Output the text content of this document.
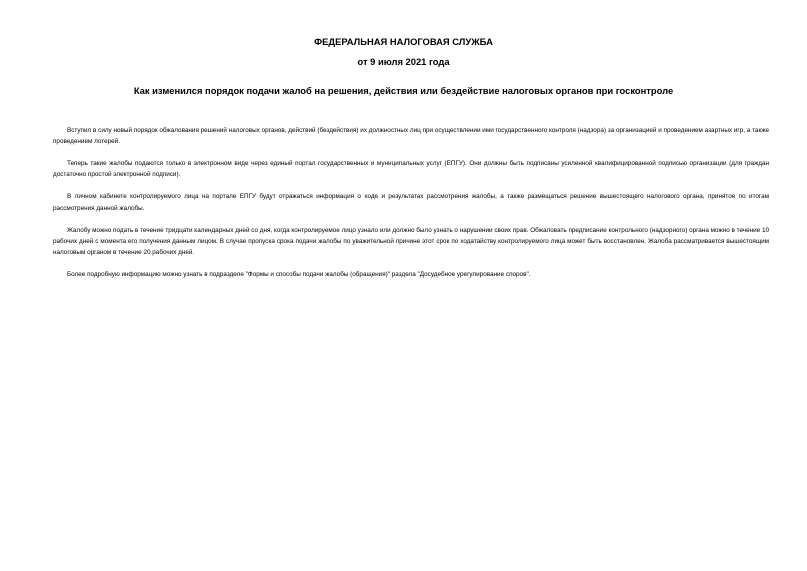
ФЕДЕРАЛЬНАЯ НАЛОГОВАЯ СЛУЖБА
от 9 июля 2021 года
Как изменился порядок подачи жалоб на решения, действия или бездействие налоговых органов при госконтроле

Вступил в силу новый порядок обжалования решений налоговых органов, действий (бездействия) их должностных лиц при осуществлении ими государственного контроля (надзора) за организацией и проведением азартных игр, а также проведением лотерей.

Теперь такие жалобы подаются только в электронном виде через единый портал государственных и муниципальных услуг (ЕПГУ). Они должны быть подписаны усиленной квалифицированной подписью организации (для граждан достаточно простой электронной подписи).

В личном кабинете контролируемого лица на портале ЕПГУ будут отражаться информация о ходе и результатах рассмотрения жалобы, а также размещаться решение вышестоящего налогового органа, принятое по итогам рассмотрения данной жалобы.

Жалобу можно подать в течение тридцати календарных дней со дня, когда контролируемое лицо узнало или должно было узнать о нарушении своих прав. Обжаловать предписание контрольного (надзорного) органа можно в течение 10 рабочих дней с момента его получения данным лицом. В случае пропуска срока подачи жалобы по уважительной причине этот срок по ходатайству контролируемого лица может быть восстановлен. Жалоба рассматривается вышестоящим налоговым органом в течение 20 рабочих дней.

Более подробную информацию можно узнать в подразделе "Формы и способы подачи жалобы (обращения)" раздела "Досудебное урегулирование споров".
